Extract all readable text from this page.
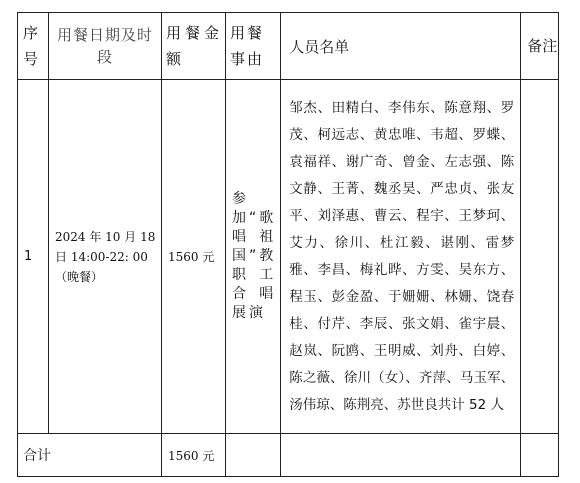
序号	用餐日期及时段	用餐金额	用餐事由	人员名单	备注
1	2024 年 10 月 18 日 14:00-22: 00（晚餐）	1560 元	参加“歌唱祖国”教职工合唱展演	邹杰、田精白、李伟东、陈意翔、罗茂、柯远志、黄忠唯、韦超、罗蝶、袁福祥、谢广奇、曾金、左志强、陈文静、王菁、魏丞昊、严忠贞、张友平、刘泽惠、曹云、程宇、王梦珂、艾力、徐川、杜江毅、谌刚、雷梦雅、李昌、梅礼晔、方雯、吴东方、程玉、彭金盈、于姗姗、林姗、饶春桂、付芹、李辰、张文娟、雀宇晨、赵岚、阮鸥、王明威、刘舟、白婷、陈之薇、徐川（女）、齐萍、马玉军、汤伟琼、陈荆亮、苏世良共计 52 人	
合计		1560 元			
